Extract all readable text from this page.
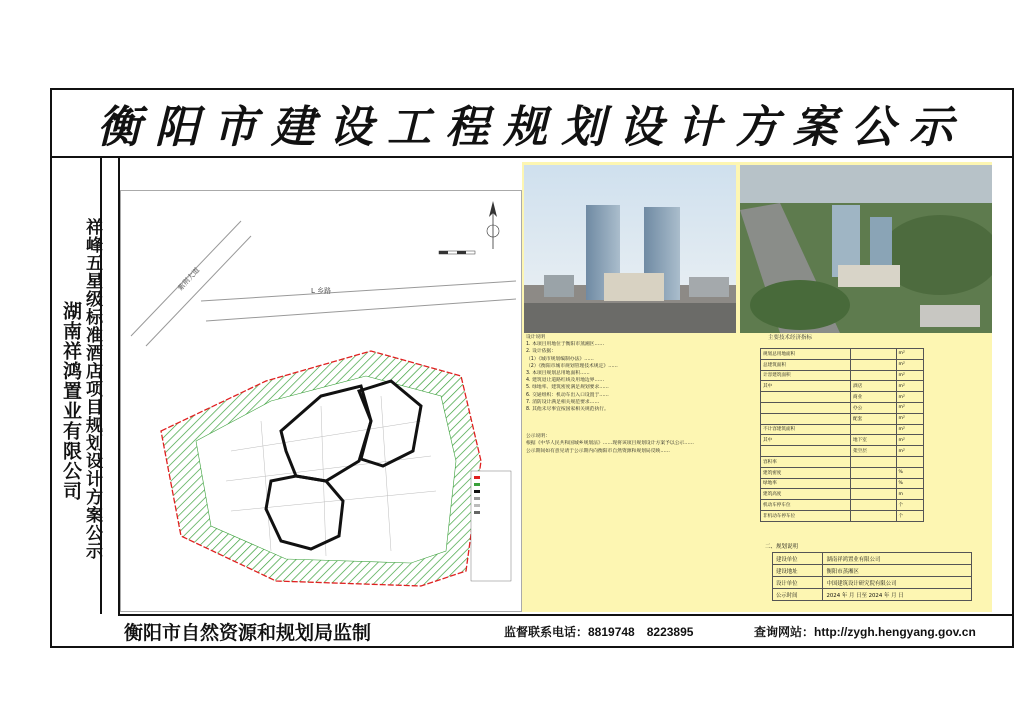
衡阳市建设工程规划设计方案公示
湖南祥鸿置业有限公司 祥峰五星级标准酒店项目规划设计方案公示	紫荆大道	L 乡路

设计说明

1. 本项目用地位于衡阳市蒸湘区……

2. 设计依据：

（1）《城市规划编制办法》……

（2）《衡阳市城市规划管理技术规定》……

3. 本项目规划总用地面积……

4. 建筑退让道路红线及用地边界……

5. 绿地率、建筑密度满足规划要求……

6. 交通组织：机动车出入口设置于……

7. 消防设计满足相关规范要求……

8. 其他未尽事宜按国家相关规范执行。

公示说明：

根据《中华人民共和国城乡规划法》……现将该项目规划设计方案予以公示……

公示期间如有意见请于公示期内向衡阳市自然资源和规划局反映……

主要技术经济指标
规划总用地面积		m²
总建筑面积		m²
计容建筑面积		m²
其中	酒店	m²
	商业	m²
	办公	m²
	配套	m²
不计容建筑面积		m²
其中	地下室	m²
	架空层	m²
容积率		
建筑密度		%
绿地率		%
建筑高度		m
机动车停车位		个
非机动车停车位		个
二、规划说明
建设单位	湖南祥鸿置业有限公司
建设地址	衡阳市蒸湘区
设计单位	中国建筑设计研究院有限公司
公示时间	2024 年 月 日至 2024 年 月 日
衡阳市自然资源和规划局监制	监督联系电话：8819748　8223895	查询网站：http://zygh.hengyang.gov.cn
